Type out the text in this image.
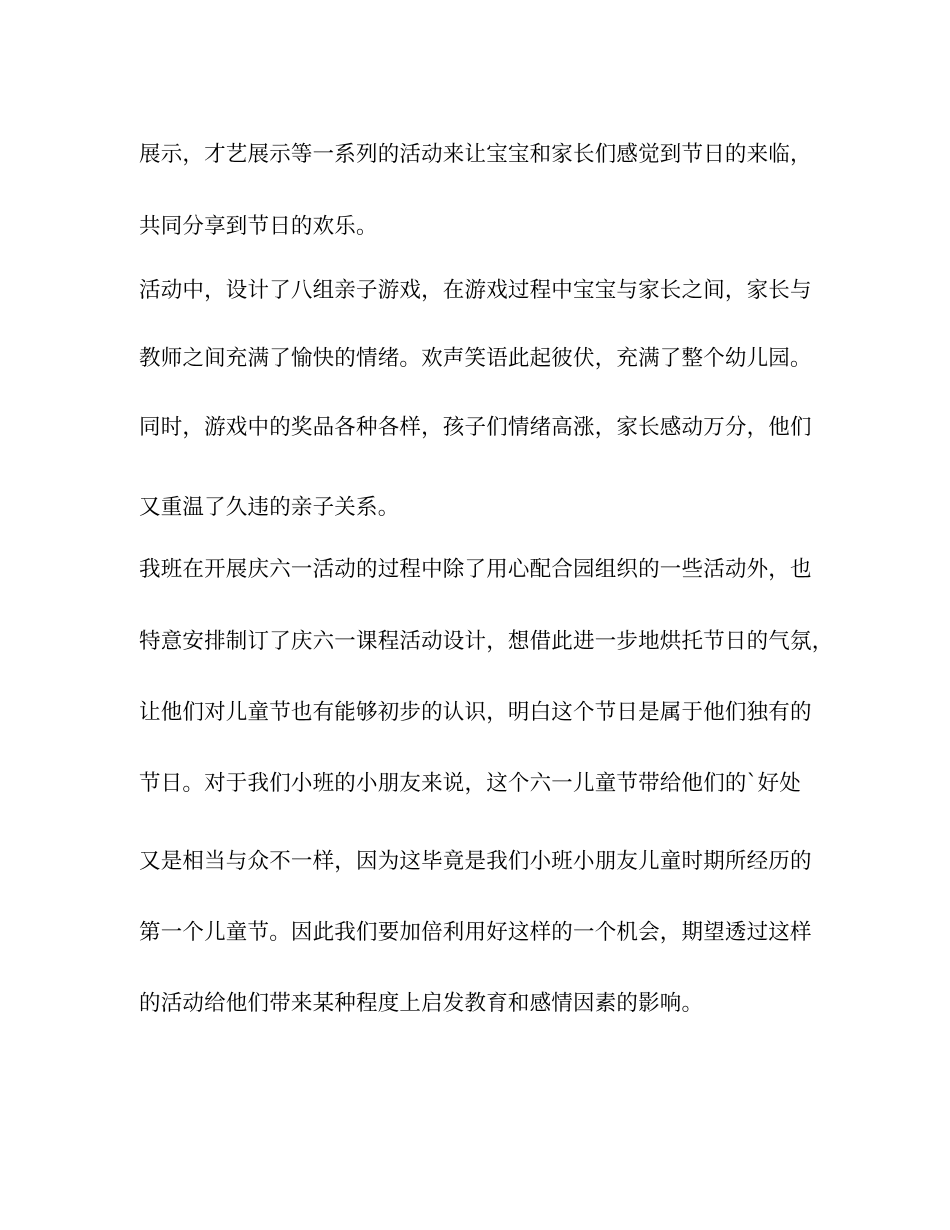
展示，才艺展示等一系列的活动来让宝宝和家长们感觉到节日的来临，
共同分享到节日的欢乐。
活动中，设计了八组亲子游戏，在游戏过程中宝宝与家长之间，家长与
教师之间充满了愉快的情绪。欢声笑语此起彼伏，充满了整个幼儿园。
同时，游戏中的奖品各种各样，孩子们情绪高涨，家长感动万分，他们
又重温了久违的亲子关系。
我班在开展庆六一活动的过程中除了用心配合园组织的一些活动外，也
特意安排制订了庆六一课程活动设计，想借此进一步地烘托节日的气氛，
让他们对儿童节也有能够初步的认识，明白这个节日是属于他们独有的
节日。对于我们小班的小朋友来说，这个六一儿童节带给他们的`好处
又是相当与众不一样，因为这毕竟是我们小班小朋友儿童时期所经历的
第一个儿童节。因此我们要加倍利用好这样的一个机会，期望透过这样
的活动给他们带来某种程度上启发教育和感情因素的影响。
